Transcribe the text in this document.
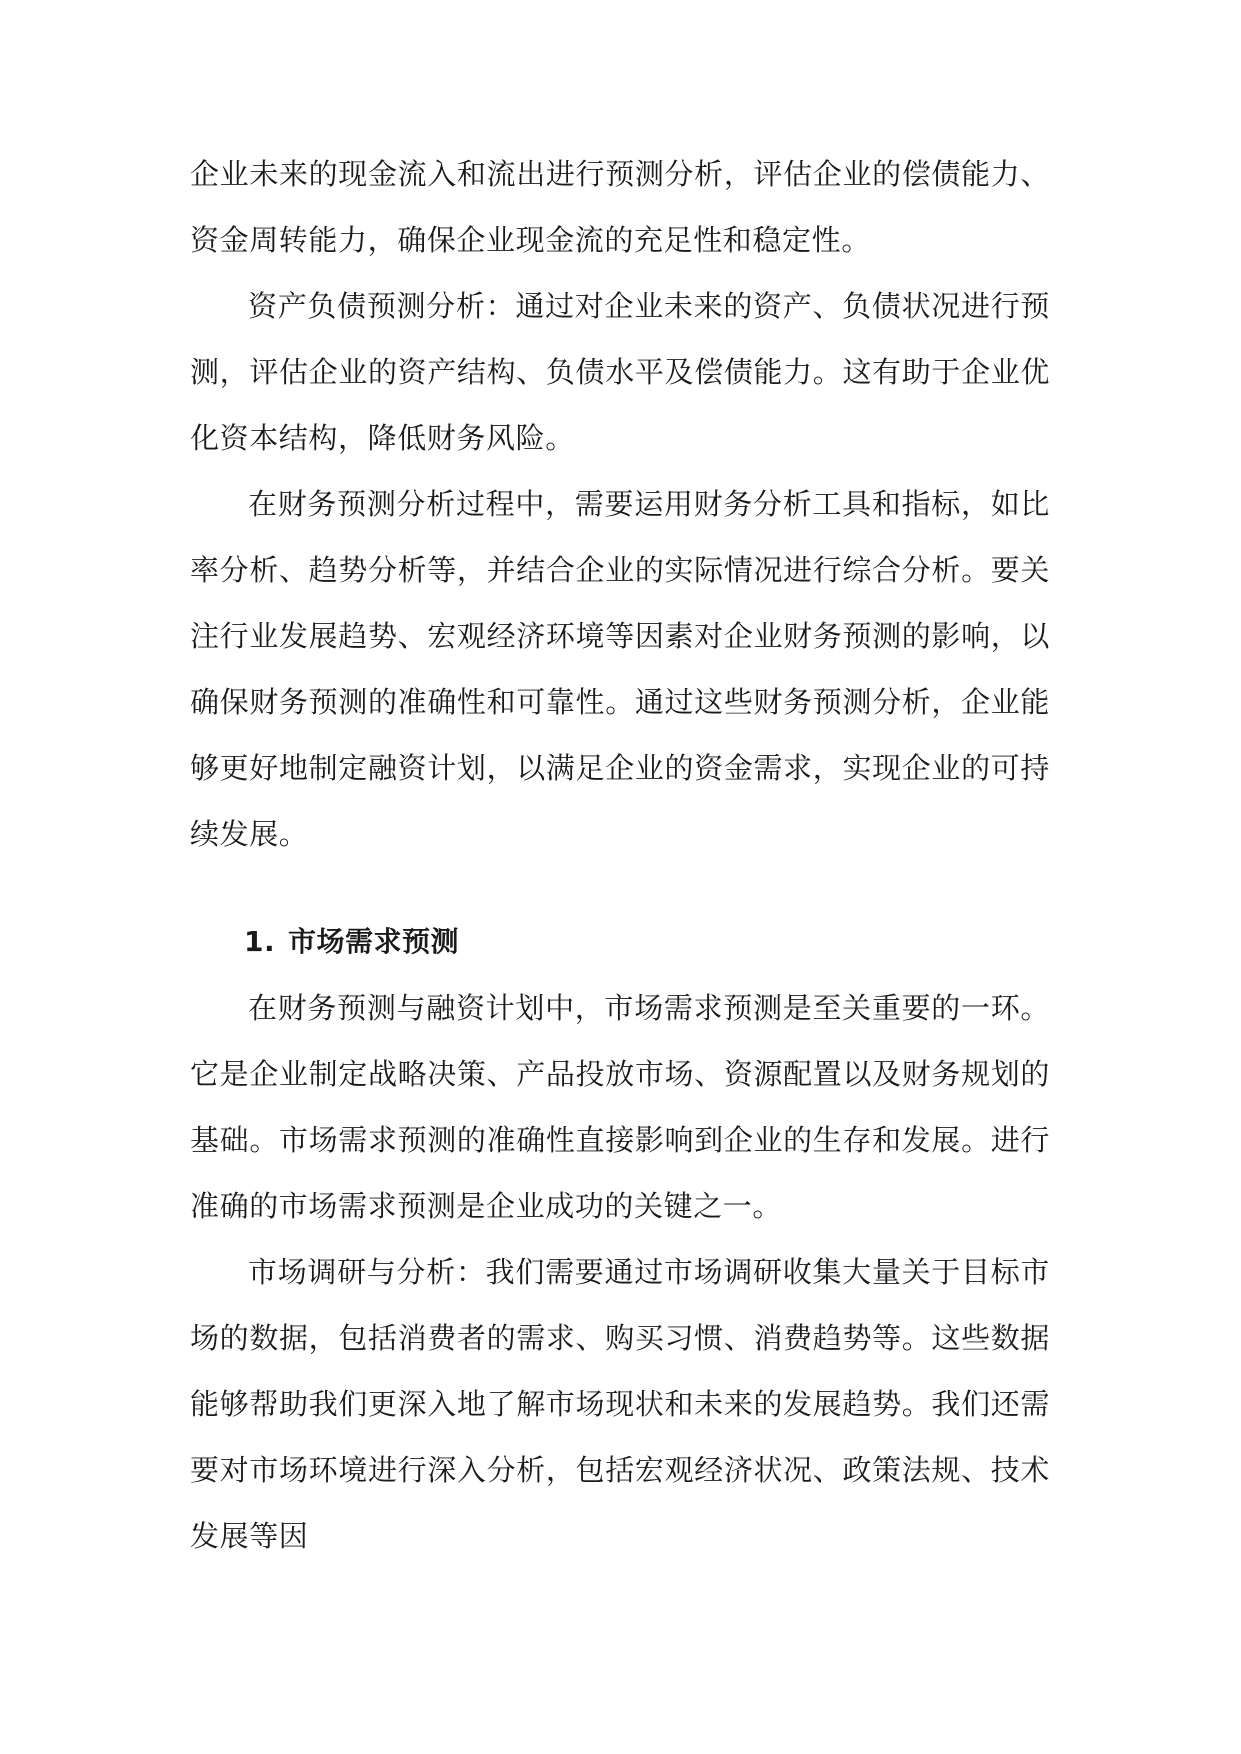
企业未来的现金流入和流出进行预测分析，评估企业的偿债能力、资金周转能力，确保企业现金流的充足性和稳定性。

资产负债预测分析：通过对企业未来的资产、负债状况进行预测，评估企业的资产结构、负债水平及偿债能力。这有助于企业优化资本结构，降低财务风险。

在财务预测分析过程中，需要运用财务分析工具和指标，如比率分析、趋势分析等，并结合企业的实际情况进行综合分析。要关注行业发展趋势、宏观经济环境等因素对企业财务预测的影响，以确保财务预测的准确性和可靠性。通过这些财务预测分析，企业能够更好地制定融资计划，以满足企业的资金需求，实现企业的可持续发展。

1. 市场需求预测

在财务预测与融资计划中，市场需求预测是至关重要的一环。它是企业制定战略决策、产品投放市场、资源配置以及财务规划的基础。市场需求预测的准确性直接影响到企业的生存和发展。进行准确的市场需求预测是企业成功的关键之一。

市场调研与分析：我们需要通过市场调研收集大量关于目标市场的数据，包括消费者的需求、购买习惯、消费趋势等。这些数据能够帮助我们更深入地了解市场现状和未来的发展趋势。我们还需要对市场环境进行深入分析，包括宏观经济状况、政策法规、技术发展等因
